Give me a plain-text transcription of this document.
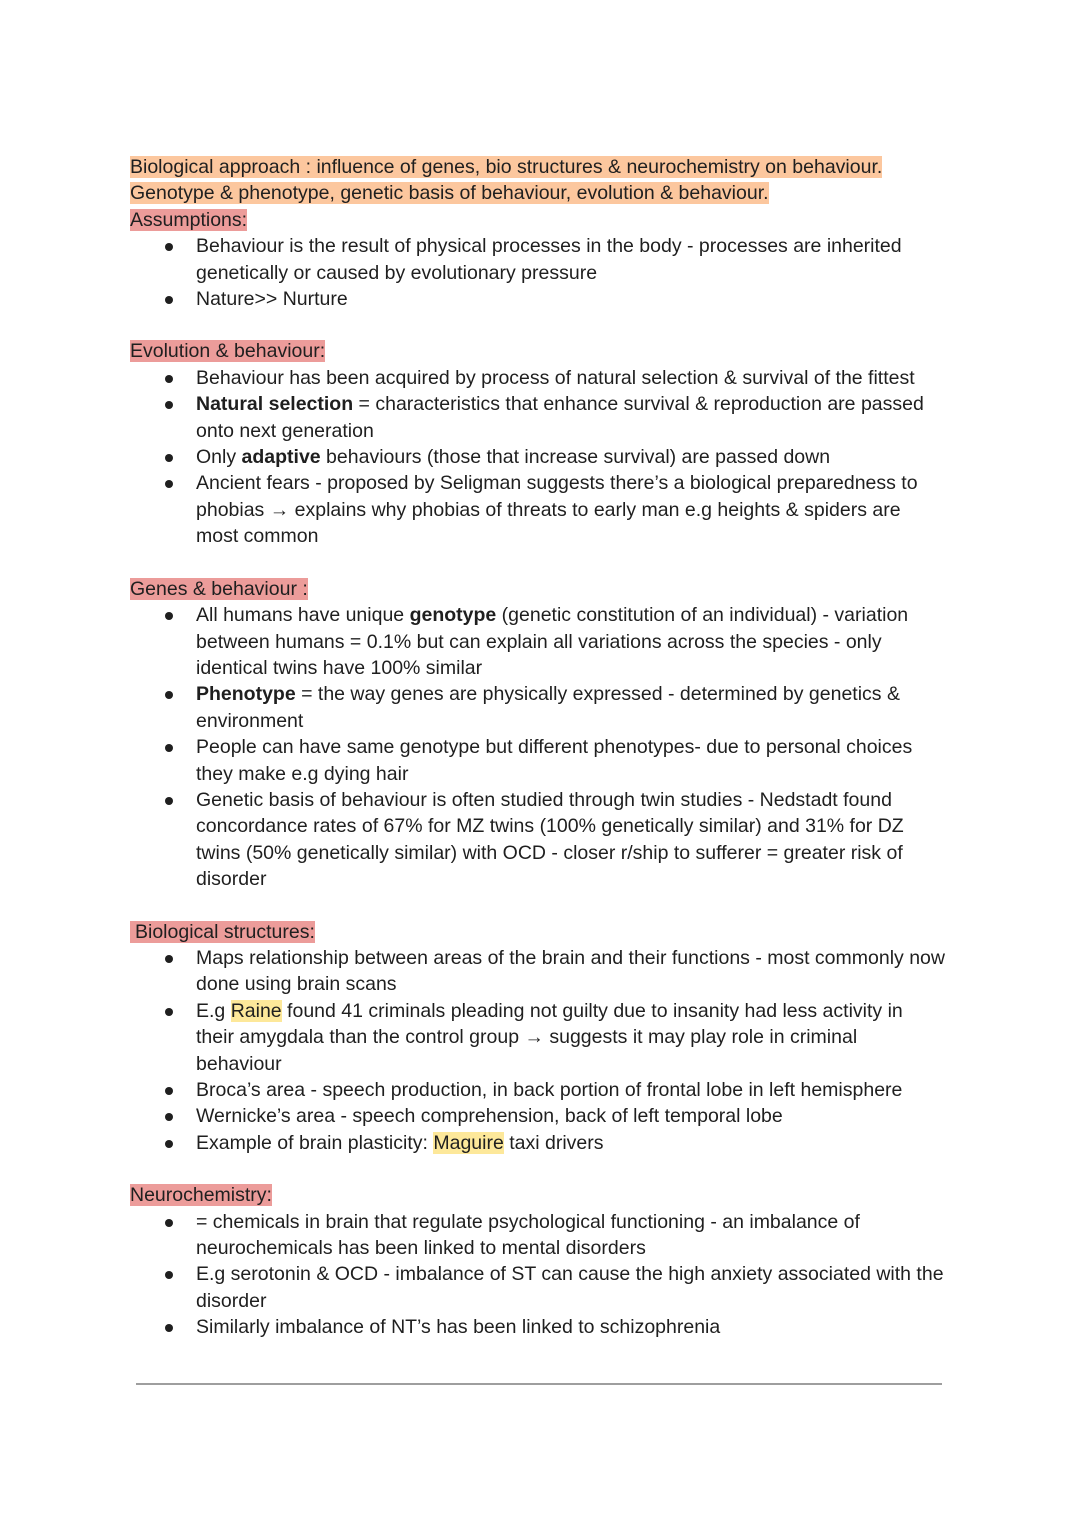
Biological approach : influence of genes, bio structures & neurochemistry on behaviour.
Genotype & phenotype, genetic basis of behaviour, evolution & behaviour.
Assumptions:
Behaviour is the result of physical processes in the body - processes are inherited genetically or caused by evolutionary pressure
Nature>> Nurture
Evolution & behaviour:
Behaviour has been acquired by process of natural selection & survival of the fittest
Natural selection = characteristics that enhance survival & reproduction are passed onto next generation
Only adaptive behaviours (those that increase survival) are passed down
Ancient fears - proposed by Seligman suggests there’s a biological preparedness to phobias → explains why phobias of threats to early man e.g heights & spiders are most common
Genes & behaviour :
All humans have unique genotype (genetic constitution of an individual) - variation between humans = 0.1% but can explain all variations across the species - only identical twins have 100% similar
Phenotype = the way genes are physically expressed - determined by genetics & environment
People can have same genotype but different phenotypes- due to personal choices they make e.g dying hair
Genetic basis of behaviour is often studied through twin studies - Nedstadt found concordance rates of 67% for MZ twins (100% genetically similar) and 31% for DZ twins (50% genetically similar) with OCD - closer r/ship to sufferer = greater risk of disorder
Biological structures:
Maps relationship between areas of the brain and their functions - most commonly now done using brain scans
E.g Raine found 41 criminals pleading not guilty due to insanity had less activity in their amygdala than the control group → suggests it may play role in criminal behaviour
Broca’s area - speech production, in back portion of frontal lobe in left hemisphere
Wernicke’s area - speech comprehension, back of left temporal lobe
Example of brain plasticity: Maguire taxi drivers
Neurochemistry:
= chemicals in brain that regulate psychological functioning - an imbalance of neurochemicals has been linked to mental disorders
E.g serotonin & OCD - imbalance of ST can cause the high anxiety associated with the disorder
Similarly imbalance of NT’s has been linked to schizophrenia
